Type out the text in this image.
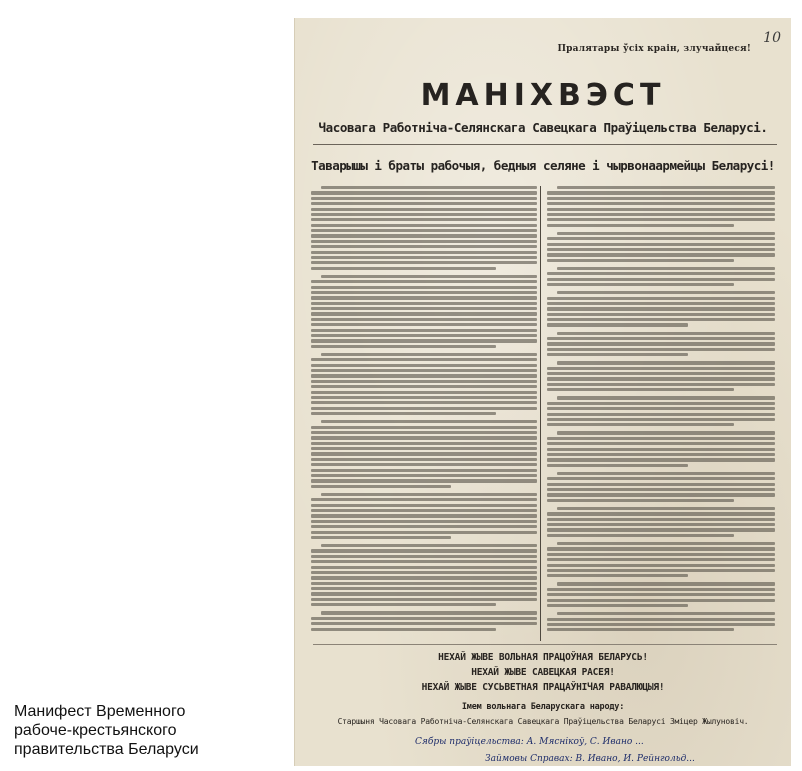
10
Пралятары ўсіх краін, злучайцеся!
МАНІХВЭСТ
Часовага Работніча-Селянскага Савецкага Праўіцельства Беларусі.
Таварышы і браты рабочыя, бедныя селяне і чырвонаармейцы Беларусі!
НЕХАЙ ЖЫВЕ ВОЛЬНАЯ ПРАЦОЎНАЯ БЕЛАРУСЬ!
НЕХАЙ ЖЫВЕ САВЕЦКАЯ РАСЕЯ!
НЕХАЙ ЖЫВЕ СУСЬВЕТНАЯ ПРАЦАЎНІЧАЯ РАВАЛЮЦЫЯ!
Імем вольнага Беларускага народу:
Старшыня Часовага Работніча-Селянскага Савецкага Праўіцельства Беларусі Зміцер Жылуновіч.
Сябры праўіцельства: А. Мяснікоў, С. Ивано ...
Займовы Справах: В. Ивано, И. Рейнгольд...
Манифест Временного
рабоче-крестьянского
правительства Беларуси
